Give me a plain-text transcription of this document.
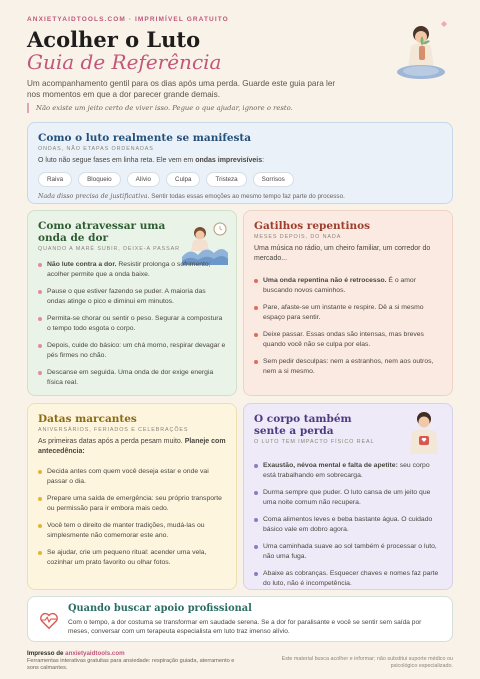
ANXIETYAIDTOOLS.COM · IMPRIMÍVEL GRATUITO
Acolher o Luto
Guia de Referência
Um acompanhamento gentil para os dias após uma perda. Guarde este guia para ler nos momentos em que a dor parecer grande demais.
Não existe um jeito certo de viver isso. Pegue o que ajudar, ignore o resto.
Como o luto realmente se manifesta
ONDAS, NÃO ETAPAS ORDENADAS
O luto não segue fases em linha reta. Ele vem em ondas imprevisíveis:
Raiva	Bloqueio	Alívio	Culpa	Tristeza	Sorrisos
Nada disso precisa de justificativa. Sentir todas essas emoções ao mesmo tempo faz parte do processo.
Como atravessar uma onda de dor
QUANDO A MARÉ SUBIR, DEIXE-A PASSAR
Não lute contra a dor. Resistir prolonga o sofrimento; acolher permite que a onda baixe.
Pause o que estiver fazendo se puder. A maioria das ondas atinge o pico e diminui em minutos.
Permita-se chorar ou sentir o peso. Segurar a compostura o tempo todo esgota o corpo.
Depois, cuide do básico: um chá morno, respirar devagar e pés firmes no chão.
Descanse em seguida. Uma onda de dor exige energia física real.
Gatilhos repentinos
MESES DEPOIS, DO NADA
Uma música no rádio, um cheiro familiar, um corredor do mercado...
Uma onda repentina não é retrocesso. É o amor buscando novos caminhos.
Pare, afaste-se um instante e respire. Dê a si mesmo espaço para sentir.
Deixe passar. Essas ondas são intensas, mas breves quando você não se culpa por elas.
Sem pedir desculpas: nem a estranhos, nem aos outros, nem a si mesmo.
Datas marcantes
ANIVERSÁRIOS, FERIADOS E CELEBRAÇÕES
As primeiras datas após a perda pesam muito. Planeje com antecedência:
Decida antes com quem você deseja estar e onde vai passar o dia.
Prepare uma saída de emergência: seu próprio transporte ou permissão para ir embora mais cedo.
Você tem o direito de manter tradições, mudá-las ou simplesmente não comemorar este ano.
Se ajudar, crie um pequeno ritual: acender uma vela, cozinhar um prato favorito ou olhar fotos.
O corpo também sente a perda
O LUTO TEM IMPACTO FÍSICO REAL
Exaustão, névoa mental e falta de apetite: seu corpo está trabalhando em sobrecarga.
Durma sempre que puder. O luto cansa de um jeito que uma noite comum não recupera.
Coma alimentos leves e beba bastante água. O cuidado básico vale em dobro agora.
Uma caminhada suave ao sol também é processar o luto, não uma fuga.
Abaixe as cobranças. Esquecer chaves e nomes faz parte do luto, não é incompetência.
Quando buscar apoio profissional
Com o tempo, a dor costuma se transformar em saudade serena. Se a dor for paralisante e você se sentir sem saída por meses, conversar com um terapeuta especialista em luto traz imenso alívio.
Impresso de anxietyaidtools.com
Ferramentas interativas gratuitas para ansiedade: respiração guiada, aterramento e sons calmantes.
Este material busca acolher e informar; não substitui suporte médico ou psicológico especializado.
